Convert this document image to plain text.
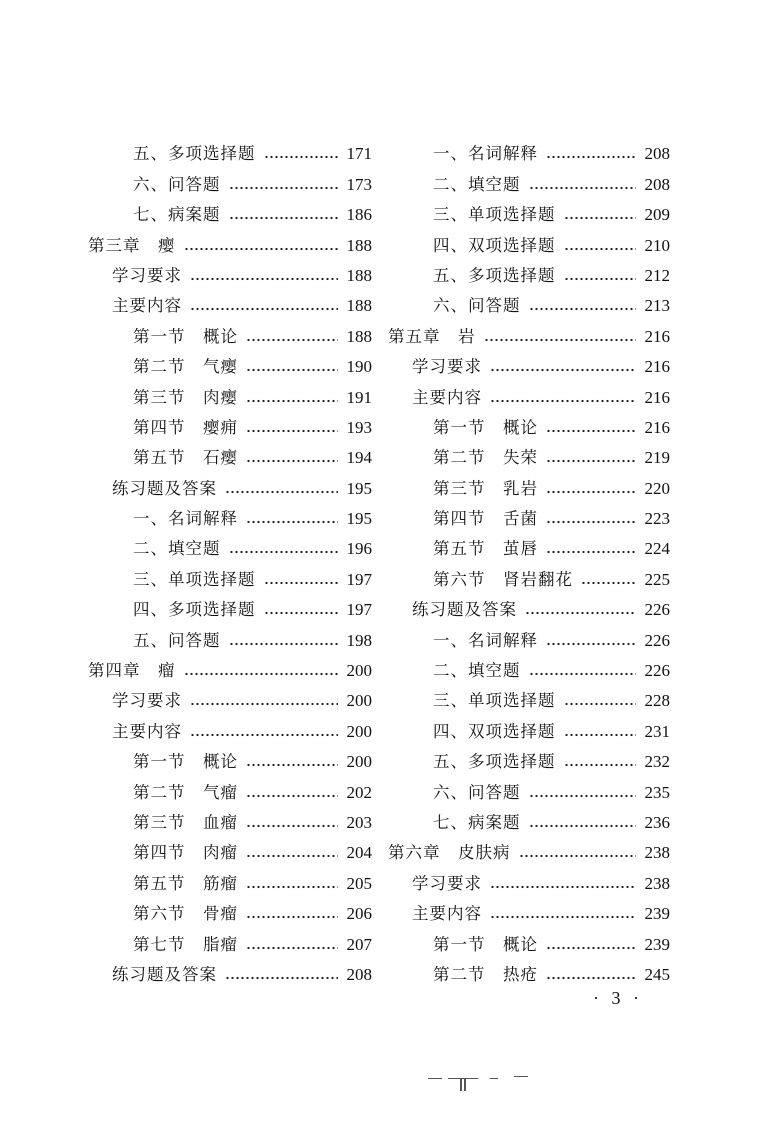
五、多项选择题	171
六、问答题	173
七、病案题	186
第三章　瘿	188
学习要求	188
主要内容	188
第一节　概论	188
第二节　气瘿	190
第三节　肉瘿	191
第四节　瘿痈	193
第五节　石瘿	194
练习题及答案	195
一、名词解释	195
二、填空题	196
三、单项选择题	197
四、多项选择题	197
五、问答题	198
第四章　瘤	200
学习要求	200
主要内容	200
第一节　概论	200
第二节　气瘤	202
第三节　血瘤	203
第四节　肉瘤	204
第五节　筋瘤	205
第六节　骨瘤	206
第七节　脂瘤	207
练习题及答案	208
一、名词解释	208
二、填空题	208
三、单项选择题	209
四、双项选择题	210
五、多项选择题	212
六、问答题	213
第五章　岩	216
学习要求	216
主要内容	216
第一节　概论	216
第二节　失荣	219
第三节　乳岩	220
第四节　舌菌	223
第五节　茧唇	224
第六节　肾岩翻花	225
练习题及答案	226
一、名词解释	226
二、填空题	226
三、单项选择题	228
四、双项选择题	231
五、多项选择题	232
六、问答题	235
七、病案题	236
第六章　皮肤病	238
学习要求	238
主要内容	239
第一节　概论	239
第二节　热疮	245
· 3 ·
